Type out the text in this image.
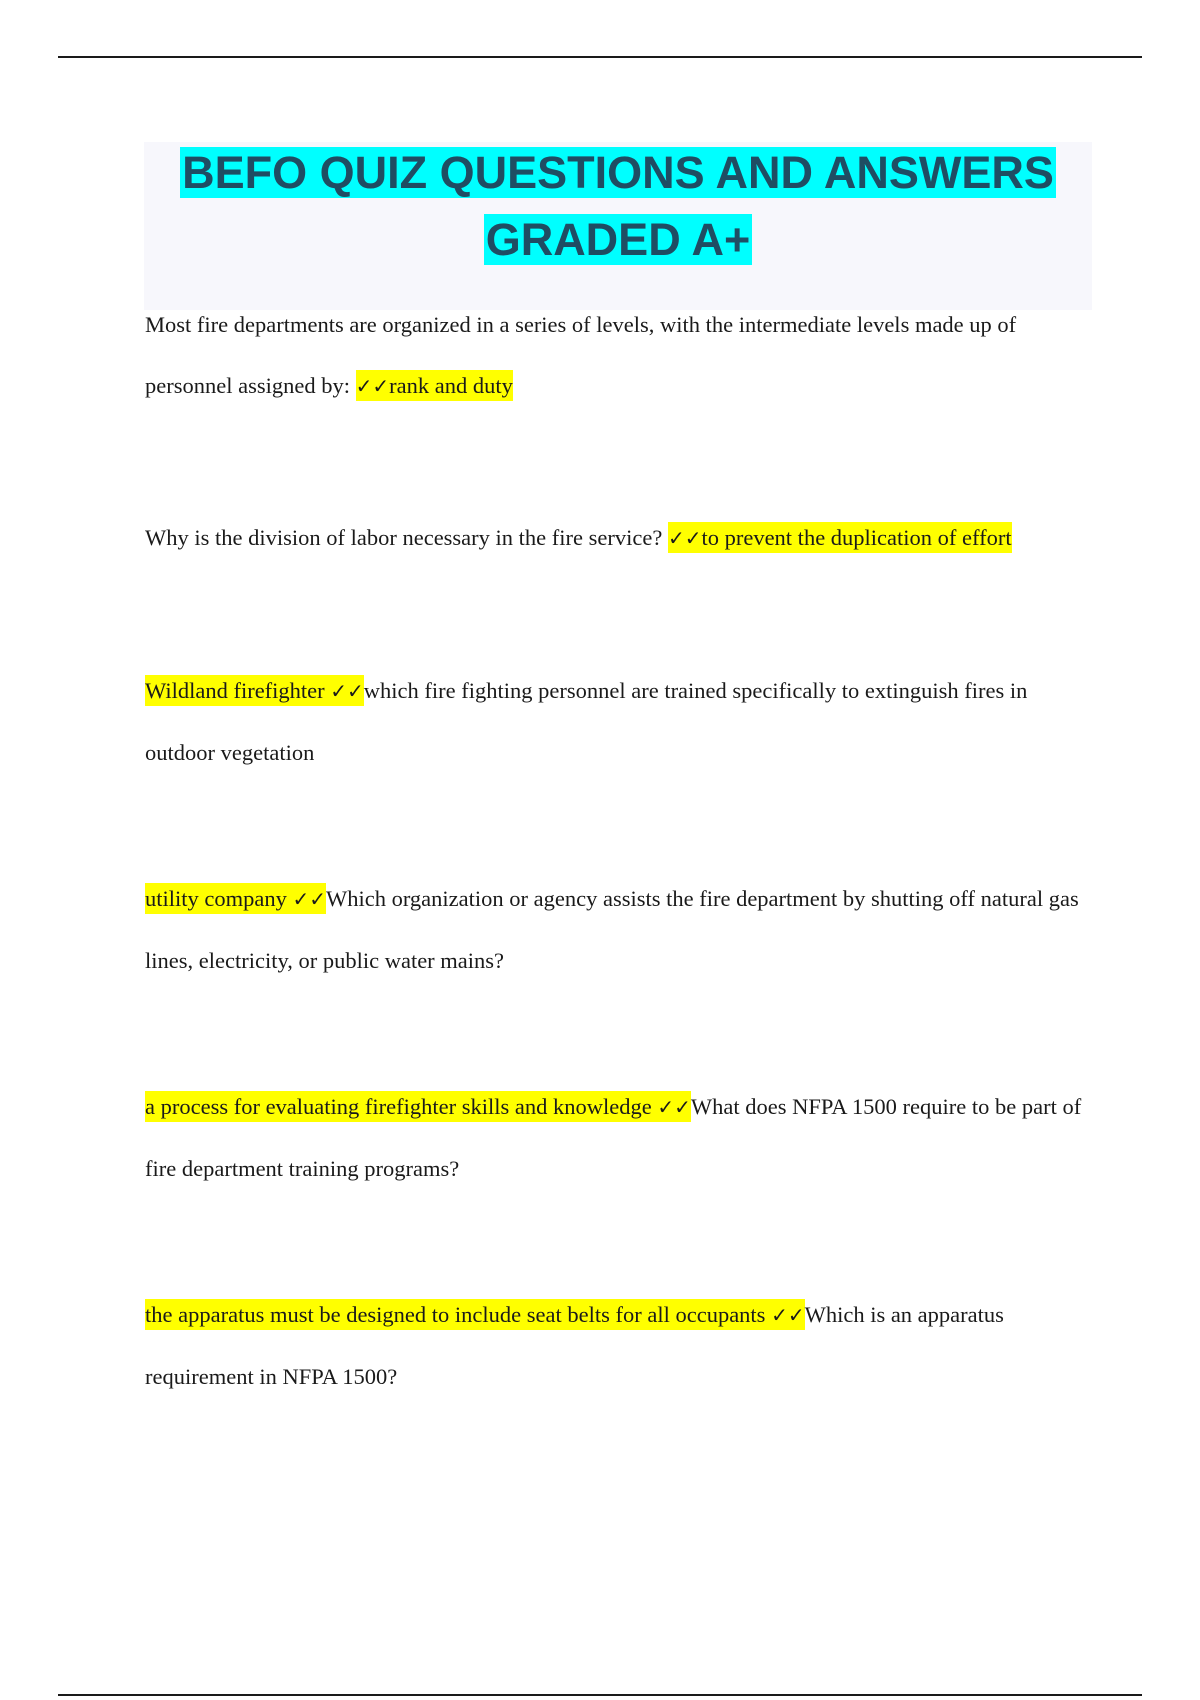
BEFO QUIZ QUESTIONS AND ANSWERS GRADED A+

Most fire departments are organized in a series of levels, with the intermediate levels made up of personnel assigned by: ✓✓rank and duty

Why is the division of labor necessary in the fire service? ✓✓to prevent the duplication of effort

Wildland firefighter ✓✓which fire fighting personnel are trained specifically to extinguish fires in outdoor vegetation

utility company ✓✓Which organization or agency assists the fire department by shutting off natural gas lines, electricity, or public water mains?

a process for evaluating firefighter skills and knowledge ✓✓What does NFPA 1500 require to be part of fire department training programs?

the apparatus must be designed to include seat belts for all occupants ✓✓Which is an apparatus requirement in NFPA 1500?
